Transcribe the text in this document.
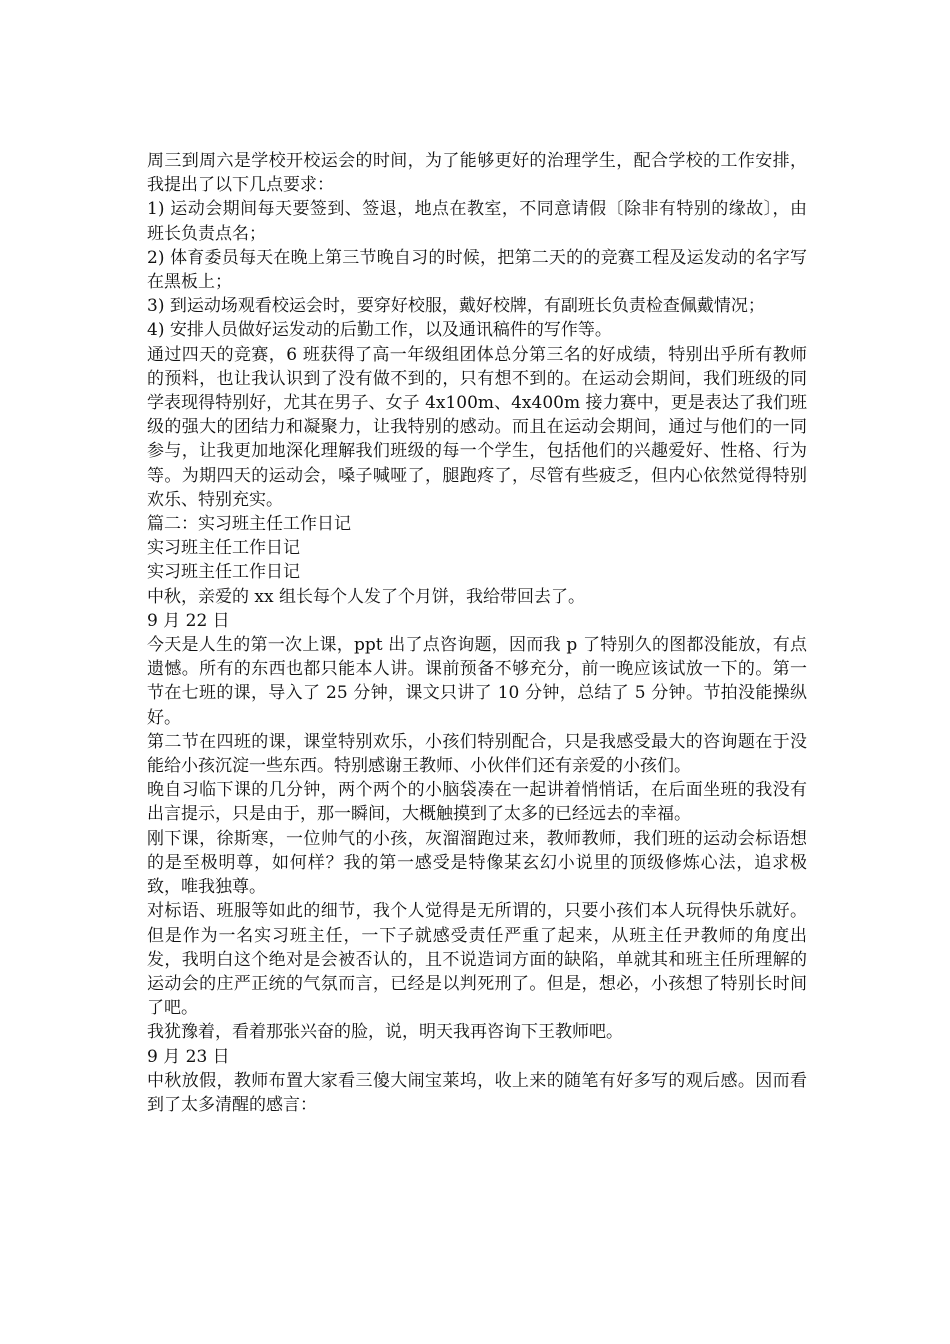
周三到周六是学校开校运会的时间，为了能够更好的治理学生，配合学校的工作安排，我提出了以下几点要求：

1) 运动会期间每天要签到、签退，地点在教室，不同意请假〔除非有特别的缘故〕，由班长负责点名；

2) 体育委员每天在晚上第三节晚自习的时候，把第二天的的竞赛工程及运发动的名字写在黑板上；

3) 到运动场观看校运会时，要穿好校服，戴好校牌，有副班长负责检查佩戴情况；

4) 安排人员做好运发动的后勤工作，以及通讯稿件的写作等。

通过四天的竞赛，6 班获得了高一年级组团体总分第三名的好成绩，特别出乎所有教师的预料，也让我认识到了没有做不到的，只有想不到的。在运动会期间，我们班级的同学表现得特别好，尤其在男子、女子 4x100m、4x400m 接力赛中，更是表达了我们班级的强大的团结力和凝聚力，让我特别的感动。而且在运动会期间，通过与他们的一同参与，让我更加地深化理解我们班级的每一个学生，包括他们的兴趣爱好、性格、行为等。为期四天的运动会，嗓子喊哑了，腿跑疼了，尽管有些疲乏，但内心依然觉得特别欢乐、特别充实。

篇二：实习班主任工作日记

实习班主任工作日记

实习班主任工作日记

中秋，亲爱的 xx 组长每个人发了个月饼，我给带回去了。

9 月 22 日

今天是人生的第一次上课，ppt 出了点咨询题，因而我 p 了特别久的图都没能放，有点遗憾。所有的东西也都只能本人讲。课前预备不够充分，前一晚应该试放一下的。第一节在七班的课，导入了 25 分钟，课文只讲了 10 分钟，总结了 5 分钟。节拍没能操纵好。

第二节在四班的课，课堂特别欢乐，小孩们特别配合，只是我感受最大的咨询题在于没能给小孩沉淀一些东西。特别感谢王教师、小伙伴们还有亲爱的小孩们。

晚自习临下课的几分钟，两个两个的小脑袋凑在一起讲着悄悄话，在后面坐班的我没有出言提示，只是由于，那一瞬间，大概触摸到了太多的已经远去的幸福。

刚下课，徐斯寒，一位帅气的小孩，灰溜溜跑过来，教师教师，我们班的运动会标语想的是至极明尊，如何样？我的第一感受是特像某玄幻小说里的顶级修炼心法，追求极致，唯我独尊。

对标语、班服等如此的细节，我个人觉得是无所谓的，只要小孩们本人玩得快乐就好。但是作为一名实习班主任，一下子就感受责任严重了起来，从班主任尹教师的角度出发，我明白这个绝对是会被否认的，且不说造词方面的缺陷，单就其和班主任所理解的运动会的庄严正统的气氛而言，已经是以判死刑了。但是，想必，小孩想了特别长时间了吧。

我犹豫着，看着那张兴奋的脸，说，明天我再咨询下王教师吧。

9 月 23 日

中秋放假，教师布置大家看三傻大闹宝莱坞，收上来的随笔有好多写的观后感。因而看到了太多清醒的感言：
